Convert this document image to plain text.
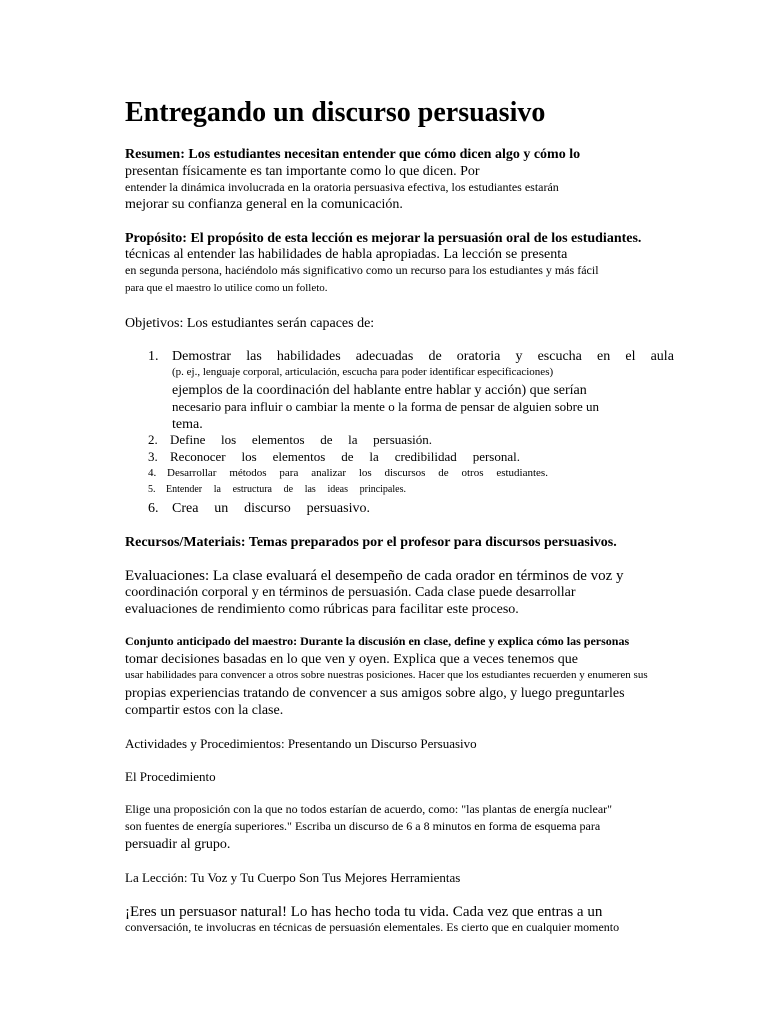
Entregando un discurso persuasivo
Resumen: Los estudiantes necesitan entender que cómo dicen algo y cómo lo
presentan físicamente es tan importante como lo que dicen. Por
entender la dinámica involucrada en la oratoria persuasiva efectiva, los estudiantes estarán
mejorar su confianza general en la comunicación.
Propósito: El propósito de esta lección es mejorar la persuasión oral de los estudiantes.
técnicas al entender las habilidades de habla apropiadas. La lección se presenta
en segunda persona, haciéndolo más significativo como un recurso para los estudiantes y más fácil
para que el maestro lo utilice como un folleto.
Objetivos: Los estudiantes serán capaces de:
1. Demostrar las habilidades adecuadas de oratoria y escucha en el aula
(p. ej., lenguaje corporal, articulación, escucha para poder identificar especificaciones)
ejemplos de la coordinación del hablante entre hablar y acción) que serían
necesario para influir o cambiar la mente o la forma de pensar de alguien sobre un
tema.
2. Define los elementos de la persuasión.
3. Reconocer los elementos de la credibilidad personal.
4. Desarrollar métodos para analizar los discursos de otros estudiantes.
5. Entender la estructura de las ideas principales.
6. Crea un discurso persuasivo.
Recursos/Materiais: Temas preparados por el profesor para discursos persuasivos.
Evaluaciones: La clase evaluará el desempeño de cada orador en términos de voz y
coordinación corporal y en términos de persuasión. Cada clase puede desarrollar
evaluaciones de rendimiento como rúbricas para facilitar este proceso.
Conjunto anticipado del maestro: Durante la discusión en clase, define y explica cómo las personas
tomar decisiones basadas en lo que ven y oyen. Explica que a veces tenemos que
usar habilidades para convencer a otros sobre nuestras posiciones. Hacer que los estudiantes recuerden y enumeren sus
propias experiencias tratando de convencer a sus amigos sobre algo, y luego preguntarles
compartir estos con la clase.
Actividades y Procedimientos: Presentando un Discurso Persuasivo
El Procedimiento
Elige una proposición con la que no todos estarían de acuerdo, como: "las plantas de energía nuclear"
son fuentes de energía superiores." Escriba un discurso de 6 a 8 minutos en forma de esquema para
persuadir al grupo.
La Lección: Tu Voz y Tu Cuerpo Son Tus Mejores Herramientas
¡Eres un persuasor natural! Lo has hecho toda tu vida. Cada vez que entras a un
conversación, te involucras en técnicas de persuasión elementales. Es cierto que en cualquier momento
